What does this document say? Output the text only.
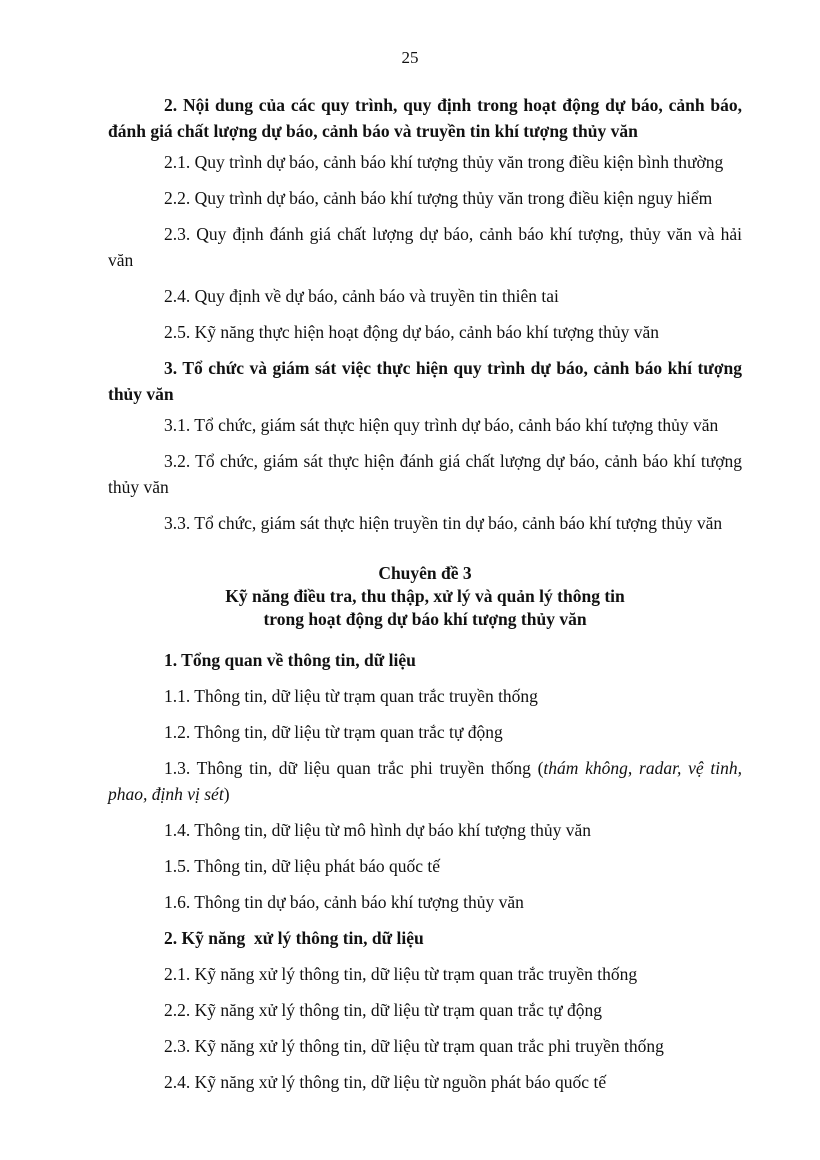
25
2. Nội dung của các quy trình, quy định trong hoạt động dự báo, cảnh báo, đánh giá chất lượng dự báo, cảnh báo và truyền tin khí tượng thủy văn
2.1. Quy trình dự báo, cảnh báo khí tượng thủy văn trong điều kiện bình thường
2.2. Quy trình dự báo, cảnh báo khí tượng thủy văn trong điều kiện nguy hiểm
2.3. Quy định đánh giá chất lượng dự báo, cảnh báo khí tượng, thủy văn và hải văn
2.4. Quy định về dự báo, cảnh báo và truyền tin thiên tai
2.5. Kỹ năng thực hiện hoạt động dự báo, cảnh báo khí tượng thủy văn
3. Tổ chức và giám sát việc thực hiện quy trình dự báo, cảnh báo khí tượng thủy văn
3.1. Tổ chức, giám sát thực hiện quy trình dự báo, cảnh báo khí tượng thủy văn
3.2. Tổ chức, giám sát thực hiện đánh giá chất lượng dự báo, cảnh báo khí tượng thủy văn
3.3. Tổ chức, giám sát thực hiện truyền tin dự báo, cảnh báo khí tượng thủy văn
Chuyên đề 3
Kỹ năng điều tra, thu thập, xử lý và quản lý thông tin
trong hoạt động dự báo khí tượng thủy văn
1. Tổng quan về thông tin, dữ liệu
1.1. Thông tin, dữ liệu từ trạm quan trắc truyền thống
1.2. Thông tin, dữ liệu từ trạm quan trắc tự động
1.3. Thông tin, dữ liệu quan trắc phi truyền thống (thám không, radar, vệ tinh, phao, định vị sét)
1.4. Thông tin, dữ liệu từ mô hình dự báo khí tượng thủy văn
1.5. Thông tin, dữ liệu phát báo quốc tế
1.6. Thông tin dự báo, cảnh báo khí tượng thủy văn
2. Kỹ năng  xử lý thông tin, dữ liệu
2.1. Kỹ năng xử lý thông tin, dữ liệu từ trạm quan trắc truyền thống
2.2. Kỹ năng xử lý thông tin, dữ liệu từ trạm quan trắc tự động
2.3. Kỹ năng xử lý thông tin, dữ liệu từ trạm quan trắc phi truyền thống
2.4. Kỹ năng xử lý thông tin, dữ liệu từ nguồn phát báo quốc tế
